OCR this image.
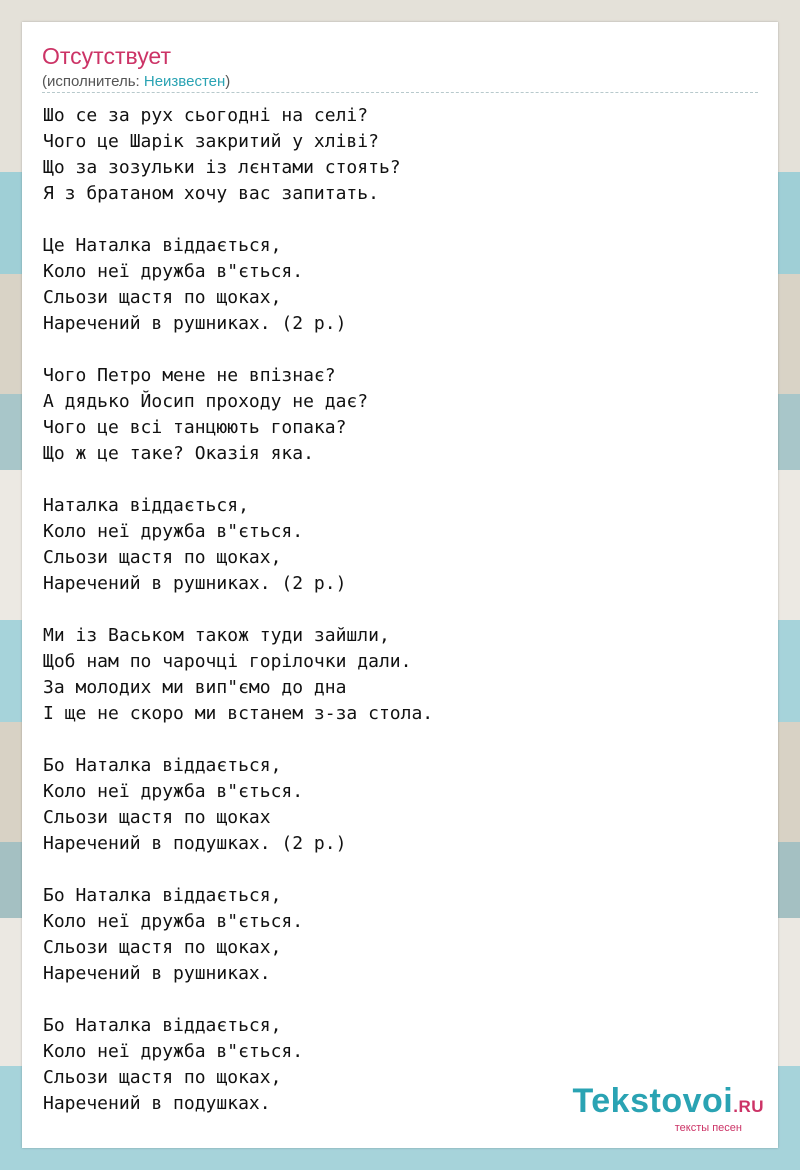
Отсутствует
(исполнитель: Неизвестен)
Шо се за рух сьогодні на селі?
Чого це Шарік закритий у хліві?
Що за зозульки із лєнтами стоять?
Я з братаном хочу вас запитать.

Це Наталка віддається,
Коло неї дружба в"ється.
Сльози щастя по щоках,
Наречений в рушниках. (2 р.)

Чого Петро мене не впізнає?
А дядько Йосип проходу не дає?
Чого це всі танцюють гопака?
Що ж це таке? Оказія яка.

Наталка віддається,
Коло неї дружба в"ється.
Сльози щастя по щоках,
Наречений в рушниках. (2 р.)

Ми із Васьком також туди зайшли,
Щоб нам по чарочці горілочки дали.
За молодих ми вип"ємо до дна
І ще не скоро ми встанем з-за стола.

Бо Наталка віддається,
Коло неї дружба в"ється.
Сльози щастя по щоках
Наречений в подушках. (2 р.)

Бо Наталка віддається,
Коло неї дружба в"ється.
Сльози щастя по щоках,
Наречений в рушниках.

Бо Наталка віддається,
Коло неї дружба в"ється.
Сльози щастя по щоках,
Наречений в подушках.	Tekstovoi.RU
тексты песен
